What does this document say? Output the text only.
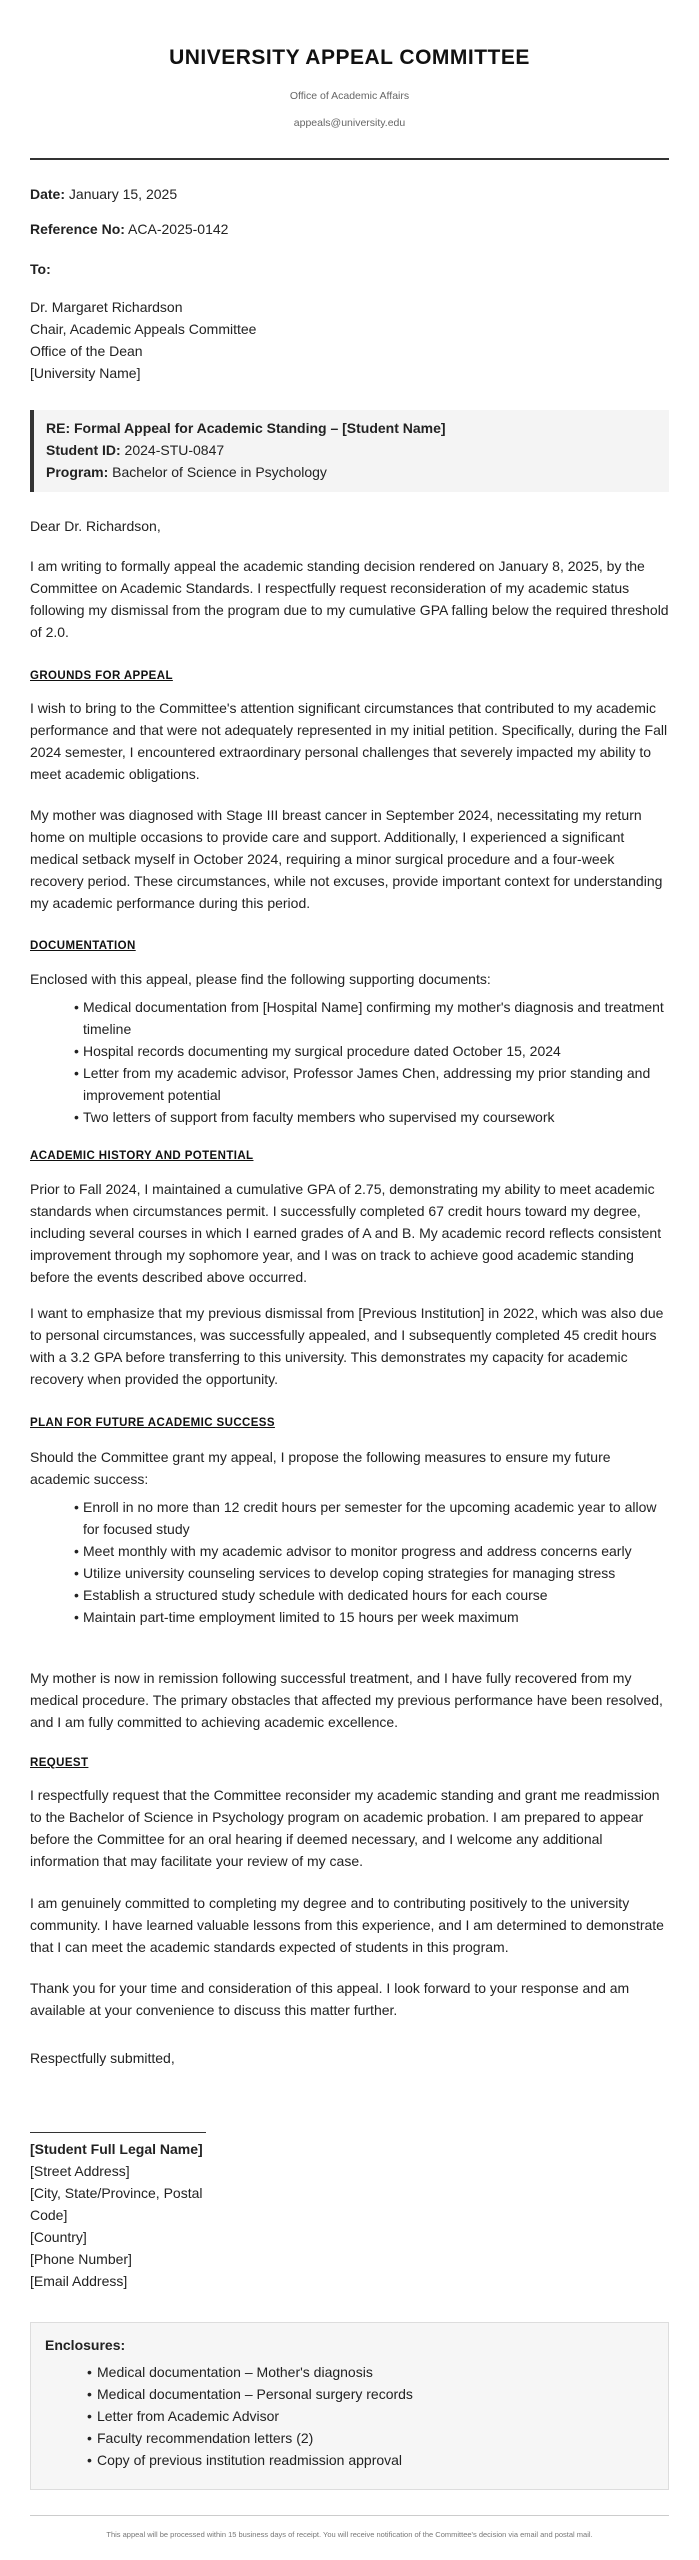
UNIVERSITY APPEAL COMMITTEE
Office of Academic Affairs
appeals@university.edu
Date: January 15, 2025
Reference No: ACA-2025-0142
To:
Dr. Margaret Richardson
Chair, Academic Appeals Committee
Office of the Dean
[University Name]
RE: Formal Appeal for Academic Standing – [Student Name]
Student ID: 2024-STU-0847
Program: Bachelor of Science in Psychology
Dear Dr. Richardson,

I am writing to formally appeal the academic standing decision rendered on January 8, 2025, by the Committee on Academic Standards. I respectfully request reconsideration of my academic status following my dismissal from the program due to my cumulative GPA falling below the required threshold of 2.0.

GROUNDS FOR APPEAL

I wish to bring to the Committee's attention significant circumstances that contributed to my academic performance and that were not adequately represented in my initial petition. Specifically, during the Fall 2024 semester, I encountered extraordinary personal challenges that severely impacted my ability to meet academic obligations.

My mother was diagnosed with Stage III breast cancer in September 2024, necessitating my return home on multiple occasions to provide care and support. Additionally, I experienced a significant medical setback myself in October 2024, requiring a minor surgical procedure and a four-week recovery period. These circumstances, while not excuses, provide important context for understanding my academic performance during this period.

DOCUMENTATION
Enclosed with this appeal, please find the following supporting documents:
• Medical documentation from [Hospital Name] confirming my mother's diagnosis and treatment timeline
• Hospital records documenting my surgical procedure dated October 15, 2024
• Letter from my academic advisor, Professor James Chen, addressing my prior standing and improvement potential
• Two letters of support from faculty members who supervised my coursework
ACADEMIC HISTORY AND POTENTIAL

Prior to Fall 2024, I maintained a cumulative GPA of 2.75, demonstrating my ability to meet academic standards when circumstances permit. I successfully completed 67 credit hours toward my degree, including several courses in which I earned grades of A and B. My academic record reflects consistent improvement through my sophomore year, and I was on track to achieve good academic standing before the events described above occurred.

I want to emphasize that my previous dismissal from [Previous Institution] in 2022, which was also due to personal circumstances, was successfully appealed, and I subsequently completed 45 credit hours with a 3.2 GPA before transferring to this university. This demonstrates my capacity for academic recovery when provided the opportunity.

PLAN FOR FUTURE ACADEMIC SUCCESS

Should the Committee grant my appeal, I propose the following measures to ensure my future academic success:

• Enroll in no more than 12 credit hours per semester for the upcoming academic year to allow for focused study
• Meet monthly with my academic advisor to monitor progress and address concerns early
• Utilize university counseling services to develop coping strategies for managing stress
• Establish a structured study schedule with dedicated hours for each course
• Maintain part-time employment limited to 15 hours per week maximum

My mother is now in remission following successful treatment, and I have fully recovered from my medical procedure. The primary obstacles that affected my previous performance have been resolved, and I am fully committed to achieving academic excellence.

REQUEST

I respectfully request that the Committee reconsider my academic standing and grant me readmission to the Bachelor of Science in Psychology program on academic probation. I am prepared to appear before the Committee for an oral hearing if deemed necessary, and I welcome any additional information that may facilitate your review of my case.

I am genuinely committed to completing my degree and to contributing positively to the university community. I have learned valuable lessons from this experience, and I am determined to demonstrate that I can meet the academic standards expected of students in this program.

Thank you for your time and consideration of this appeal. I look forward to your response and am available at your convenience to discuss this matter further.

Respectfully submitted,
[Student Full Legal Name]
[Street Address]
[City, State/Province, Postal
Code]
[Country]
[Phone Number]
[Email Address]
Enclosures:
• Medical documentation – Mother's diagnosis
• Medical documentation – Personal surgery records
• Letter from Academic Advisor
• Faculty recommendation letters (2)
• Copy of previous institution readmission approval
This appeal will be processed within 15 business days of receipt. You will receive notification of the Committee's decision via email and postal mail.
